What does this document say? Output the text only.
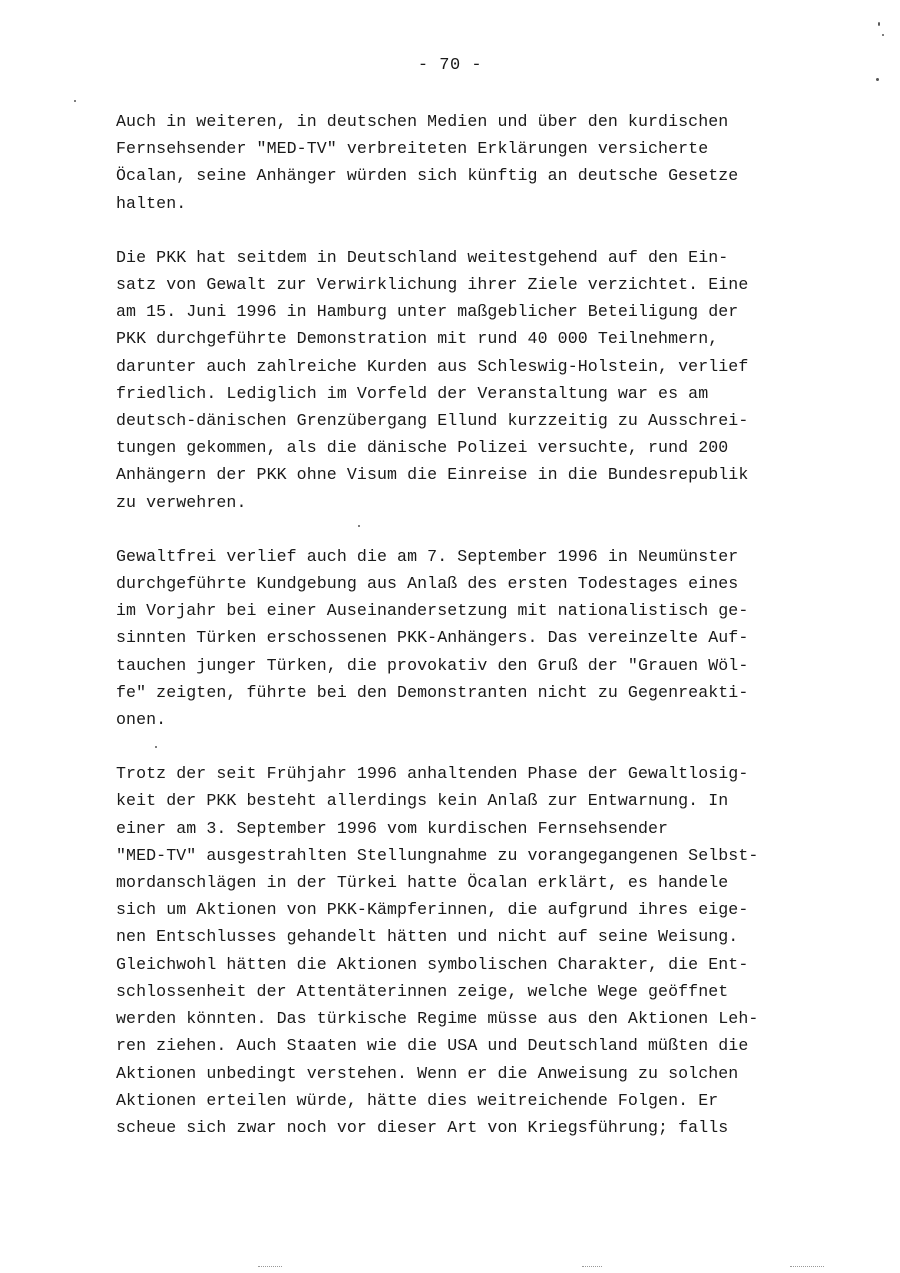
- 70 -
Auch in weiteren, in deutschen Medien und über den kurdischen
Fernsehsender "MED-TV" verbreiteten Erklärungen versicherte
Öcalan, seine Anhänger würden sich künftig an deutsche Gesetze
halten.
Die PKK hat seitdem in Deutschland weitestgehend auf den Ein-
satz von Gewalt zur Verwirklichung ihrer Ziele verzichtet. Eine
am 15. Juni 1996 in Hamburg unter maßgeblicher Beteiligung der
PKK durchgeführte Demonstration mit rund 40 000 Teilnehmern,
darunter auch zahlreiche Kurden aus Schleswig-Holstein, verlief
friedlich. Lediglich im Vorfeld der Veranstaltung war es am
deutsch-dänischen Grenzübergang Ellund kurzzeitig zu Ausschrei-
tungen gekommen, als die dänische Polizei versuchte, rund 200
Anhängern der PKK ohne Visum die Einreise in die Bundesrepublik
zu verwehren.
Gewaltfrei verlief auch die am 7. September 1996 in Neumünster
durchgeführte Kundgebung aus Anlaß des ersten Todestages eines
im Vorjahr bei einer Auseinandersetzung mit nationalistisch ge-
sinnten Türken erschossenen PKK-Anhängers. Das vereinzelte Auf-
tauchen junger Türken, die provokativ den Gruß der "Grauen Wöl-
fe" zeigten, führte bei den Demonstranten nicht zu Gegenreakti-
onen.
Trotz der seit Frühjahr 1996 anhaltenden Phase der Gewaltlosig-
keit der PKK besteht allerdings kein Anlaß zur Entwarnung. In
einer am 3. September 1996 vom kurdischen Fernsehsender
"MED-TV" ausgestrahlten Stellungnahme zu vorangegangenen Selbst-
mordanschlägen in der Türkei hatte Öcalan erklärt, es handele
sich um Aktionen von PKK-Kämpferinnen, die aufgrund ihres eige-
nen Entschlusses gehandelt hätten und nicht auf seine Weisung.
Gleichwohl hätten die Aktionen symbolischen Charakter, die Ent-
schlossenheit der Attentäterinnen zeige, welche Wege geöffnet
werden könnten. Das türkische Regime müsse aus den Aktionen Leh-
ren ziehen. Auch Staaten wie die USA und Deutschland müßten die
Aktionen unbedingt verstehen. Wenn er die Anweisung zu solchen
Aktionen erteilen würde, hätte dies weitreichende Folgen. Er
scheue sich zwar noch vor dieser Art von Kriegsführung; falls
